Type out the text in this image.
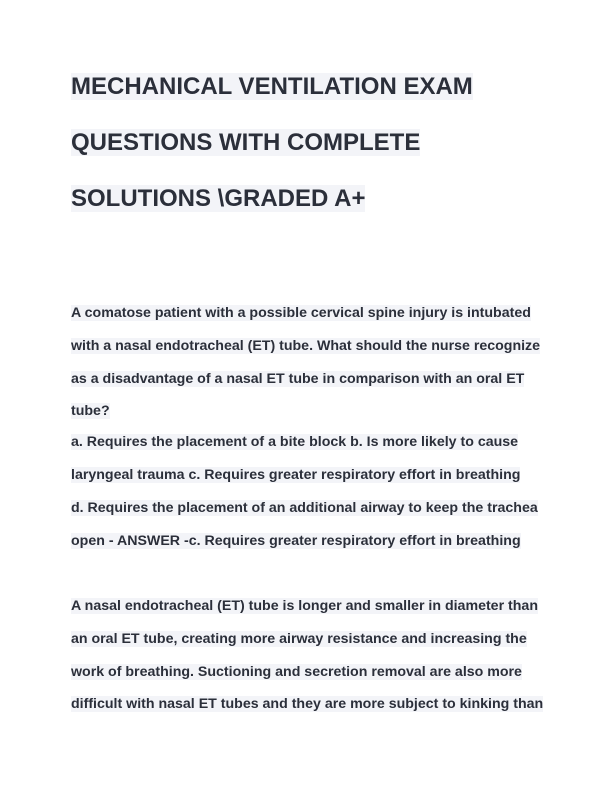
MECHANICAL VENTILATION EXAM
QUESTIONS WITH COMPLETE
SOLUTIONS \GRADED A+
A comatose patient with a possible cervical spine injury is intubated
with a nasal endotracheal (ET) tube. What should the nurse recognize
as a disadvantage of a nasal ET tube in comparison with an oral ET
tube?
a. Requires the placement of a bite block b. Is more likely to cause
laryngeal trauma c. Requires greater respiratory effort in breathing
d. Requires the placement of an additional airway to keep the trachea
open - ANSWER -c. Requires greater respiratory effort in breathing
A nasal endotracheal (ET) tube is longer and smaller in diameter than
an oral ET tube, creating more airway resistance and increasing the
work of breathing. Suctioning and secretion removal are also more
difficult with nasal ET tubes and they are more subject to kinking than
